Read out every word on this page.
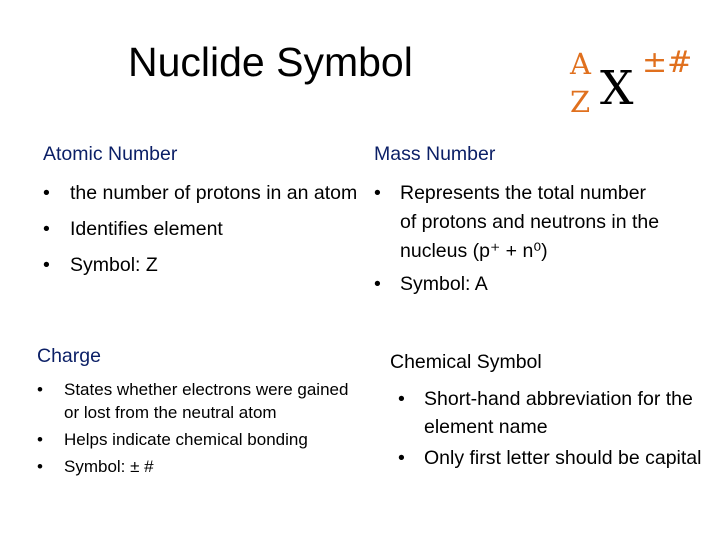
Nuclide Symbol	A
Z X ±#
Atomic Number
• the number of protons in an atom
• Identifies element
• Symbol: Z
Mass Number
• Represents the total number of protons and neutrons in the nucleus (p⁺ + n⁰)
• Symbol: A
Charge
• States whether electrons were gained or lost from the neutral atom
• Helps indicate chemical bonding
• Symbol: ± #
Chemical Symbol
• Short-hand abbreviation for the element name
• Only first letter should be capital
